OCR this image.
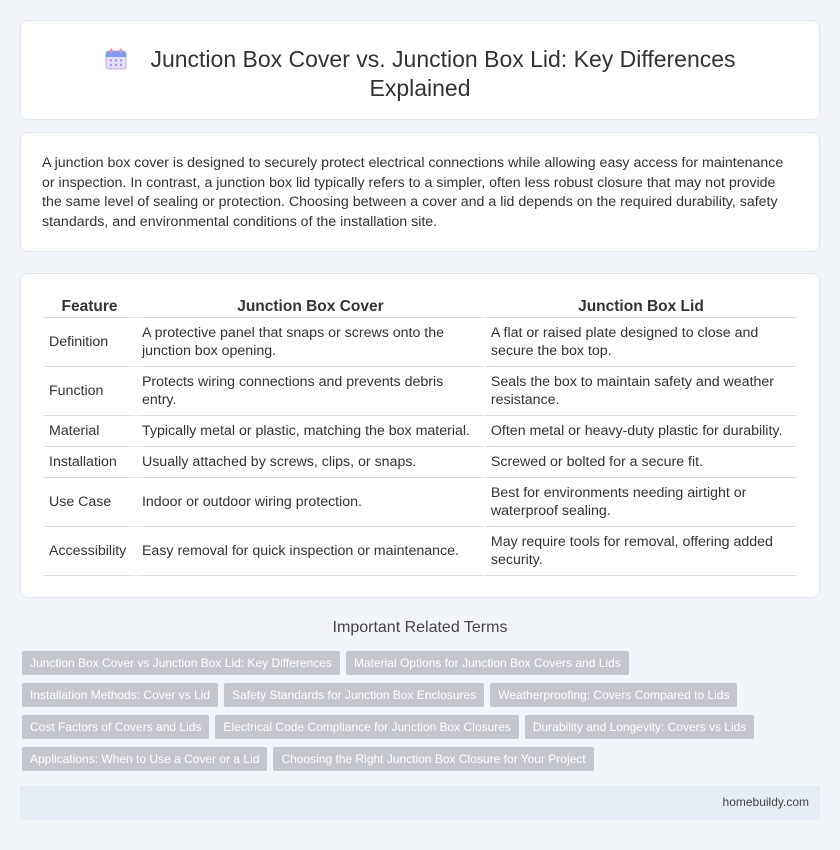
Junction Box Cover vs. Junction Box Lid: Key Differences Explained

A junction box cover is designed to securely protect electrical connections while allowing easy access for maintenance or inspection. In contrast, a junction box lid typically refers to a simpler, often less robust closure that may not provide the same level of sealing or protection. Choosing between a cover and a lid depends on the required durability, safety standards, and environmental conditions of the installation site.

Feature	Junction Box Cover	Junction Box Lid
Definition	A protective panel that snaps or screws onto the junction box opening.	A flat or raised plate designed to close and secure the box top.
Function	Protects wiring connections and prevents debris entry.	Seals the box to maintain safety and weather resistance.
Material	Typically metal or plastic, matching the box material.	Often metal or heavy-duty plastic for durability.
Installation	Usually attached by screws, clips, or snaps.	Screwed or bolted for a secure fit.
Use Case	Indoor or outdoor wiring protection.	Best for environments needing airtight or waterproof sealing.
Accessibility	Easy removal for quick inspection or maintenance.	May require tools for removal, offering added security.
Important Related Terms
Junction Box Cover vs Junction Box Lid: Key Differences	Material Options for Junction Box Covers and Lids
Installation Methods: Cover vs Lid	Safety Standards for Junction Box Enclosures	Weatherproofing: Covers Compared to Lids
Cost Factors of Covers and Lids	Electrical Code Compliance for Junction Box Closures	Durability and Longevity: Covers vs Lids
Applications: When to Use a Cover or a Lid	Choosing the Right Junction Box Closure for Your Project
homebuildy.com
